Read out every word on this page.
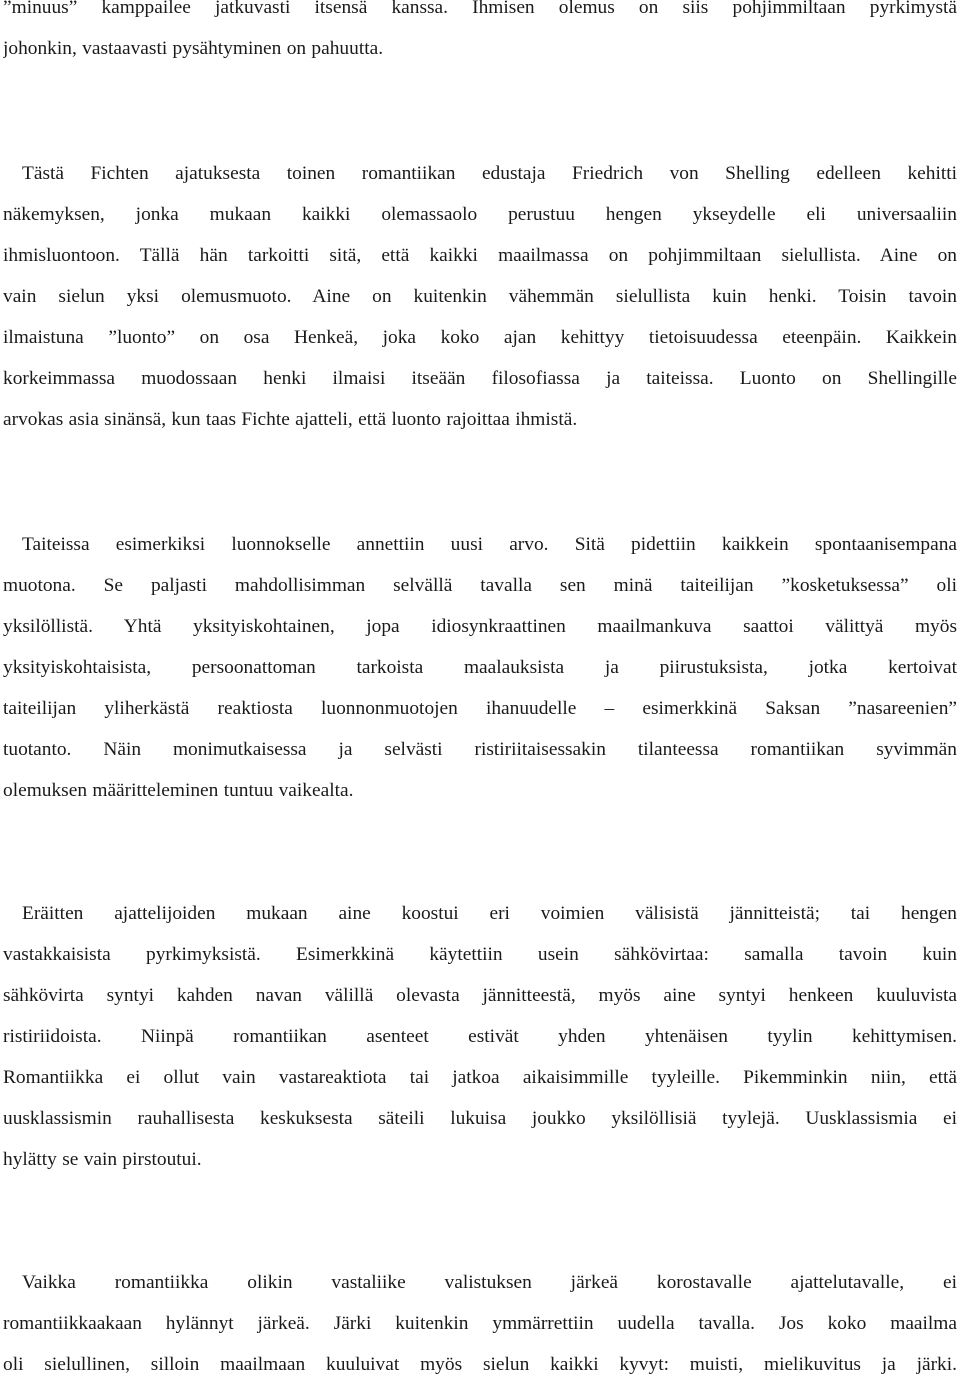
”minuus” kamppailee jatkuvasti itsensä kanssa. Ihmisen olemus on siis pohjimmiltaan pyrkimystä
johonkin, vastaavasti pysähtyminen on pahuutta.
Tästä Fichten ajatuksesta toinen romantiikan edustaja Friedrich von Shelling edelleen kehitti
näkemyksen, jonka mukaan kaikki olemassaolo perustuu hengen ykseydelle eli universaaliin
ihmisluontoon. Tällä hän tarkoitti sitä, että kaikki maailmassa on pohjimmiltaan sielullista. Aine on
vain sielun yksi olemusmuoto. Aine on kuitenkin vähemmän sielullista kuin henki. Toisin tavoin
ilmaistuna ”luonto” on osa Henkeä, joka koko ajan kehittyy tietoisuudessa eteenpäin. Kaikkein
korkeimmassa muodossaan henki ilmaisi itseään filosofiassa ja taiteissa. Luonto on Shellingille
arvokas asia sinänsä, kun taas Fichte ajatteli, että luonto rajoittaa ihmistä.
Taiteissa esimerkiksi luonnokselle annettiin uusi arvo. Sitä pidettiin kaikkein spontaanisempana
muotona. Se paljasti mahdollisimman selvällä tavalla sen minä taiteilijan ”kosketuksessa” oli
yksilöllistä. Yhtä yksityiskohtainen, jopa idiosynkraattinen maailmankuva saattoi välittyä myös
yksityiskohtaisista, persoonattoman tarkoista maalauksista ja piirustuksista, jotka kertoivat
taiteilijan yliherkästä reaktiosta luonnonmuotojen ihanuudelle – esimerkkinä Saksan ”nasareenien”
tuotanto. Näin monimutkaisessa ja selvästi ristiriitaisessakin tilanteessa romantiikan syvimmän
olemuksen määritteleminen tuntuu vaikealta.
Eräitten ajattelijoiden mukaan aine koostui eri voimien välisistä jännitteistä; tai hengen
vastakkaisista pyrkimyksistä. Esimerkkinä käytettiin usein sähkövirtaa: samalla tavoin kuin
sähkövirta syntyi kahden navan välillä olevasta jännitteestä, myös aine syntyi henkeen kuuluvista
ristiriidoista. Niinpä romantiikan asenteet estivät yhden yhtenäisen tyylin kehittymisen.
Romantiikka ei ollut vain vastareaktiota tai jatkoa aikaisimmille tyyleille. Pikemminkin niin, että
uusklassismin rauhallisesta keskuksesta säteili lukuisa joukko yksilöllisiä tyylejä. Uusklassismia ei
hylätty se vain pirstoutui.
Vaikka romantiikka olikin vastaliike valistuksen järkeä korostavalle ajattelutavalle, ei
romantiikkaakaan hylännyt järkeä. Järki kuitenkin ymmärrettiin uudella tavalla. Jos koko maailma
oli sielullinen, silloin maailmaan kuuluivat myös sielun kaikki kyvyt: muisti, mielikuvitus ja järki.
